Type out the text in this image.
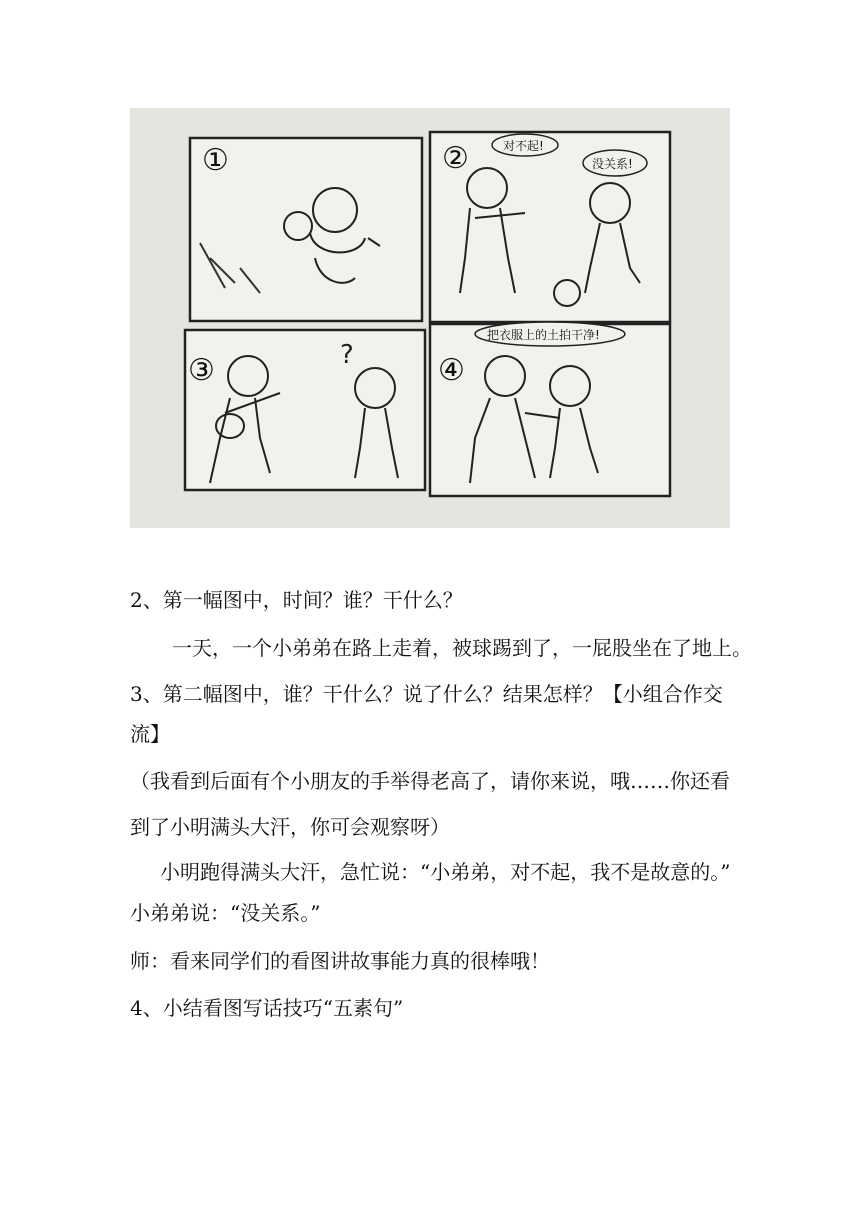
①	②	对不起!
没关系!
③	?	④
把衣服上的土拍干净!
2、第一幅图中，时间？谁？干什么？
一天，一个小弟弟在路上走着，被球踢到了，一屁股坐在了地上。
3、第二幅图中，谁？干什么？说了什么？结果怎样？【小组合作交
流】
（我看到后面有个小朋友的手举得老高了，请你来说，哦……你还看
到了小明满头大汗，你可会观察呀）
小明跑得满头大汗，急忙说：“小弟弟，对不起，我不是故意的。”
小弟弟说：“没关系。”
师：看来同学们的看图讲故事能力真的很棒哦！
4、小结看图写话技巧“五素句”
